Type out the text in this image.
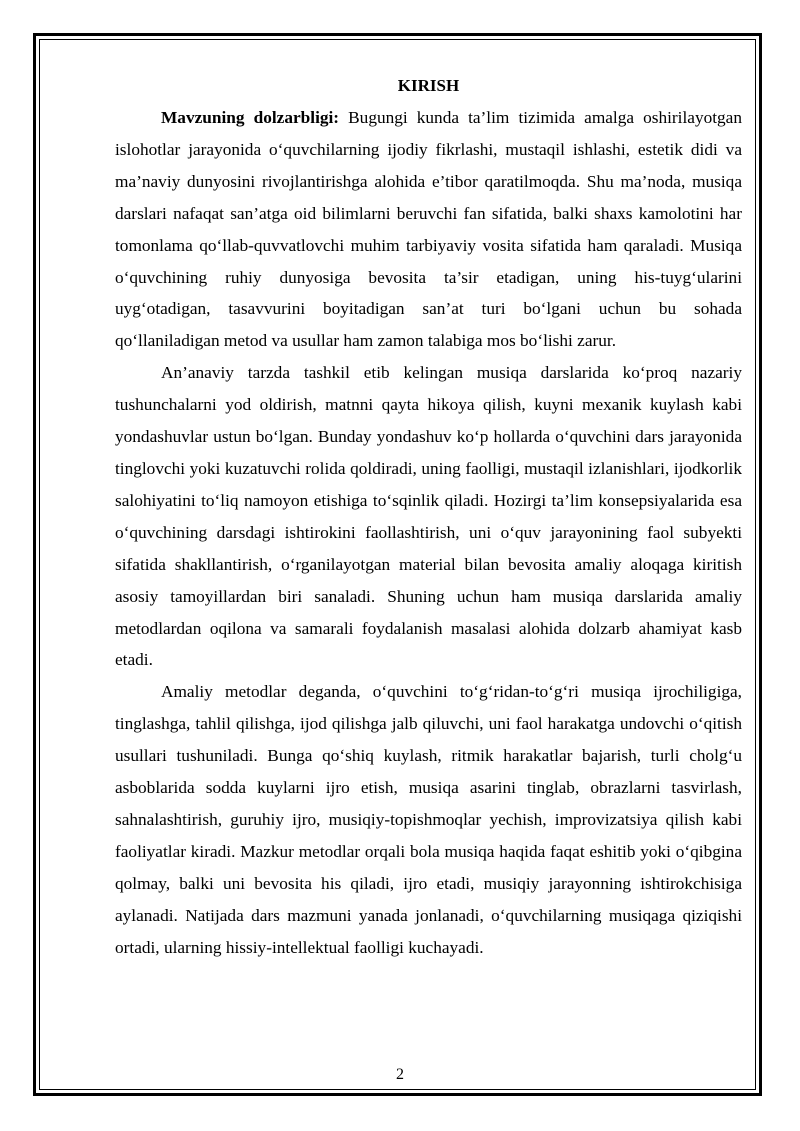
KIRISH

Mavzuning dolzarbligi: Bugungi kunda ta’lim tizimida amalga oshirilayotgan islohotlar jarayonida o‘quvchilarning ijodiy fikrlashi, mustaqil ishlashi, estetik didi va ma’naviy dunyosini rivojlantirishga alohida e’tibor qaratilmoqda. Shu ma’noda, musiqa darslari nafaqat san’atga oid bilimlarni beruvchi fan sifatida, balki shaxs kamolotini har tomonlama qo‘llab-quvvatlovchi muhim tarbiyaviy vosita sifatida ham qaraladi. Musiqa o‘quvchining ruhiy dunyosiga bevosita ta’sir etadigan, uning his-tuyg‘ularini uyg‘otadigan, tasavvurini boyitadigan san’at turi bo‘lgani uchun bu sohada qo‘llaniladigan metod va usullar ham zamon talabiga mos bo‘lishi zarur.

An’anaviy tarzda tashkil etib kelingan musiqa darslarida ko‘proq nazariy tushunchalarni yod oldirish, matnni qayta hikoya qilish, kuyni mexanik kuylash kabi yondashuvlar ustun bo‘lgan. Bunday yondashuv ko‘p hollarda o‘quvchini dars jarayonida tinglovchi yoki kuzatuvchi rolida qoldiradi, uning faolligi, mustaqil izlanishlari, ijodkorlik salohiyatini to‘liq namoyon etishiga to‘sqinlik qiladi. Hozirgi ta’lim konsepsiyalarida esa o‘quvchining darsdagi ishtirokini faollashtirish, uni o‘quv jarayonining faol subyekti sifatida shakllantirish, o‘rganilayotgan material bilan bevosita amaliy aloqaga kiritish asosiy tamoyillardan biri sanaladi. Shuning uchun ham musiqa darslarida amaliy metodlardan oqilona va samarali foydalanish masalasi alohida dolzarb ahamiyat kasb etadi.

Amaliy metodlar deganda, o‘quvchini to‘g‘ridan-to‘g‘ri musiqa ijrochiligiga, tinglashga, tahlil qilishga, ijod qilishga jalb qiluvchi, uni faol harakatga undovchi o‘qitish usullari tushuniladi. Bunga qo‘shiq kuylash, ritmik harakatlar bajarish, turli cholg‘u asboblarida sodda kuylarni ijro etish, musiqa asarini tinglab, obrazlarni tasvirlash, sahnalashtirish, guruhiy ijro, musiqiy-topishmoqlar yechish, improvizatsiya qilish kabi faoliyatlar kiradi. Mazkur metodlar orqali bola musiqa haqida faqat eshitib yoki o‘qibgina qolmay, balki uni bevosita his qiladi, ijro etadi, musiqiy jarayonning ishtirokchisiga aylanadi. Natijada dars mazmuni yanada jonlanadi, o‘quvchilarning musiqaga qiziqishi ortadi, ularning hissiy-intellektual faolligi kuchayadi.

2
